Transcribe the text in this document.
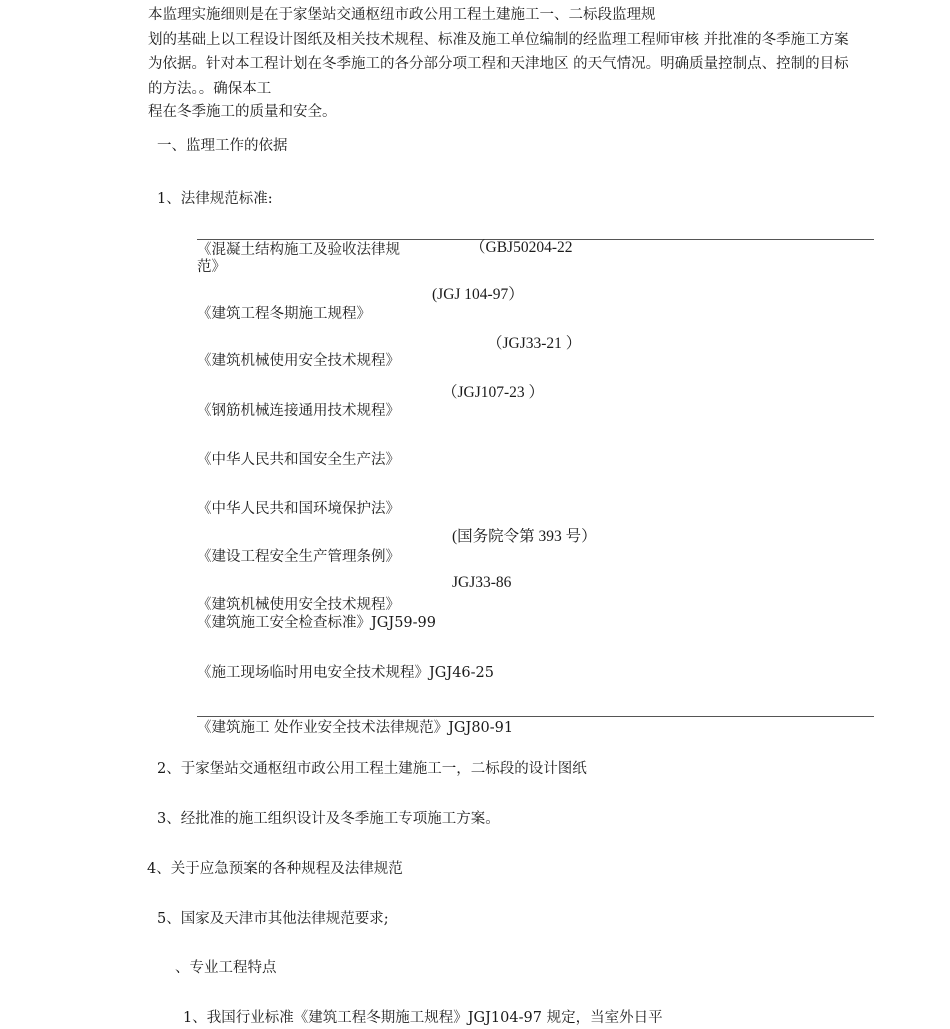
本监理实施细则是在于家堡站交通枢纽市政公用工程土建施工一、二标段监理规
划的基础上以工程设计图纸及相关技术规程、标准及施工单位编制的经监理工程师审核 并批准的冬季施工方案
为依据。针对本工程计划在冬季施工的各分部分项工程和天津地区 的天气情况。明确质量控制点、控制的目标
的方法。。确保本工
程在冬季施工的质量和安全。
一、监理工作的依据
1、法律规范标准:
《混凝土结构施工及验收法律规
范》
（GBJ50204-22
(JGJ 104-97）
《建筑工程冬期施工规程》
（JGJ33-21 ）
《建筑机械使用安全技术规程》
（JGJ107-23 ）
《钢筋机械连接通用技术规程》
《中华人民共和国安全生产法》
《中华人民共和国环境保护法》
(国务院令第 393 号）
《建设工程安全生产管理条例》
JGJ33-86
《建筑机械使用安全技术规程》
《建筑施工安全检查标准》JGJ59-99
《施工现场临时用电安全技术规程》JGJ46-25
《建筑施工 处作业安全技术法律规范》JGJ80-91
2、于家堡站交通枢纽市政公用工程土建施工一，二标段的设计图纸
3、经批准的施工组织设计及冬季施工专项施工方案。
4、关于应急预案的各种规程及法律规范
5、国家及天津市其他法律规范要求;
、专业工程特点
1、我国行业标准《建筑工程冬期施工规程》JGJ104-97 规定，当室外日平
